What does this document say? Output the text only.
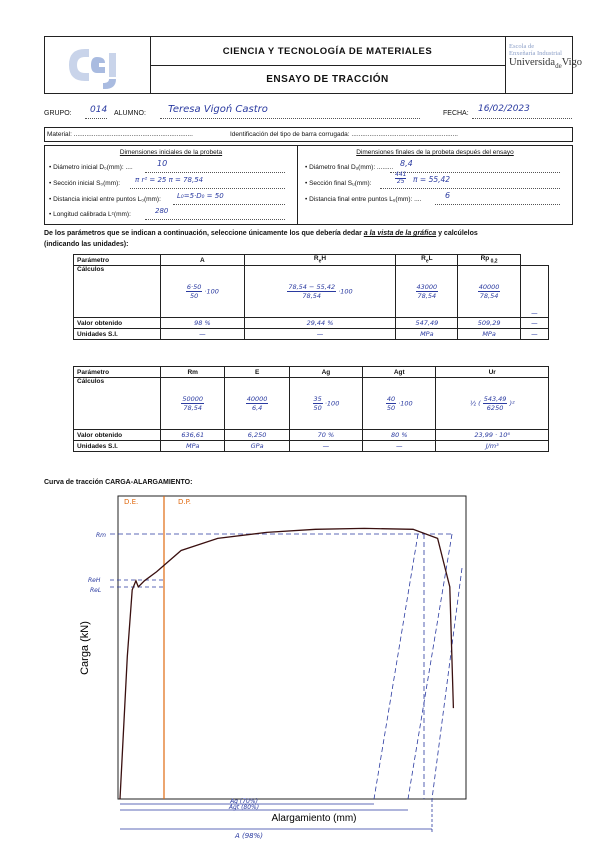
CIENCIA Y TECNOLOGÍA DE MATERIALES
ENSAYO DE TRACCIÓN
Escola de
Enxeñaría Industrial
Universida$_{de}$Vigo
GRUPO: 014 ALUMNO: Teresa Vigoń Castro	FECHA: 16/02/2023
Material: ..................................................................	Identificación del tipo de barra corrugada: ...........................................................
Dimensiones iniciales de la probeta	Dimensiones finales de la probeta después del ensayo
• Diámetro inicial D₀(mm): ....	10
• Sección inicial S₀(mm): π r² = 25 π = 78,54
• Distancia inicial entre puntos L₀(mm): L₀=5·D₀ = 50
• Longitud calibrada Lᶜ(mm):	280
• Diámetro final Dᵤ(mm): ......... 8,4
• Sección final Sᵤ(mm):	$\frac{441}{25}$ π = 55,42
• Distancia final entre puntos Lᵤ(mm): ....	6
De los parámetros que se indican a continuación, seleccione únicamente los que debería dedar a la vista de la gráfica y calcúlelos
(indicando las unidades):
Parámetro	A	$R_eH$	$R_eL$	Rp $_{0,2}$
Cálculos	$\frac{6\cdot 50}{50} \cdot 100$	$\frac{78,54 - 55,42}{78,54} \cdot 100$	$\frac{43000}{78,54}$	$\frac{40000}{78,54}$	—
Valor obtenido	98 %	29,44 %	547,49	509,29	—
Unidades S.I.	—	—	MPa	MPa	—
Parámetro	Rm	E	Ag	Agt	Ur
Cálculos	$\frac{50000}{78,54}$	$\frac{40000}{6,4}$	$\frac{35}{50} \cdot 100$	$\frac{40}{50} \cdot 100$	½ ( $\frac{543,49}{6250} )^2$
Valor obtenido	636,61	6,250	70 %	80 %	23,99 · 10⁶
Unidades S.I.	MPa	GPa	—	—	J/m³
Curva de tracción CARGA-ALARGAMIENTO:
Carga (kN)
Alargamiento (mm)
D.E.	D.P.
Rm
ReH
ReL
Ag (70%)
Agt (80%)
A (98%)
